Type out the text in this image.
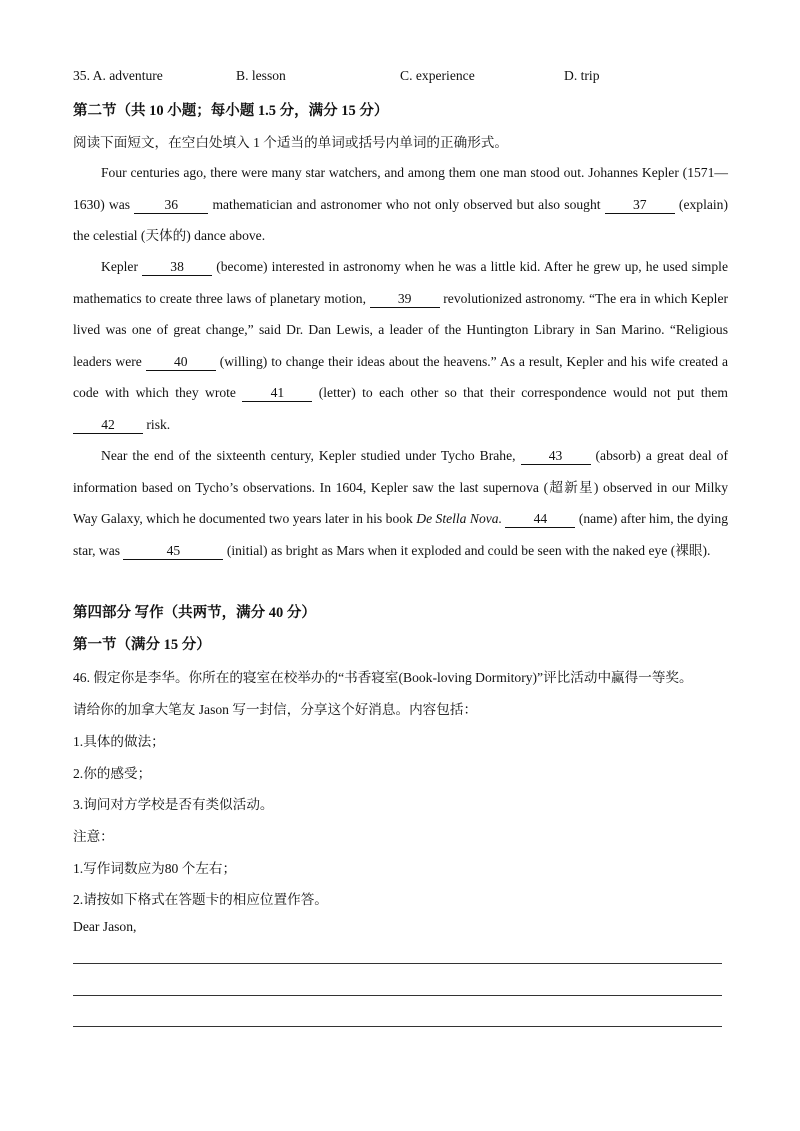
35. A. adventure	B. lesson	C. experience	D. trip
第二节（共 10 小题；每小题 1.5 分，满分 15 分）
阅读下面短文，在空白处填入 1 个适当的单词或括号内单词的正确形式。
Four centuries ago, there were many star watchers, and among them one man stood out. Johannes Kepler (1571—1630) was 36 mathematician and astronomer who not only observed but also sought 37 (explain) the celestial (天体的) dance above.
Kepler 38 (become) interested in astronomy when he was a little kid. After he grew up, he used simple mathematics to create three laws of planetary motion, 39 revolutionized astronomy. “The era in which Kepler lived was one of great change,” said Dr. Dan Lewis, a leader of the Huntington Library in San Marino. “Religious leaders were 40 (willing) to change their ideas about the heavens.” As a result, Kepler and his wife created a code with which they wrote 41 (letter) to each other so that their correspondence would not put them 42 risk.
Near the end of the sixteenth century, Kepler studied under Tycho Brahe, 43 (absorb) a great deal of information based on Tycho’s observations. In 1604, Kepler saw the last supernova (超新星) observed in our Milky Way Galaxy, which he documented two years later in his book De Stella Nova. 44 (name) after him, the dying star, was	45	(initial) as bright as Mars when it exploded and could be seen with the naked eye (裸眼).
第四部分 写作（共两节，满分 40 分）
第一节（满分 15 分）
46. 假定你是李华。你所在的寝室在校举办的“书香寝室(Book-loving Dormitory)”评比活动中赢得一等奖。
请给你的加拿大笔友 Jason 写一封信，分享这个好消息。内容包括：
1.具体的做法；
2.你的感受；
3.询问对方学校是否有类似活动。
注意：
1.写作词数应为80 个左右；
2.请按如下格式在答题卡的相应位置作答。
Dear Jason,
